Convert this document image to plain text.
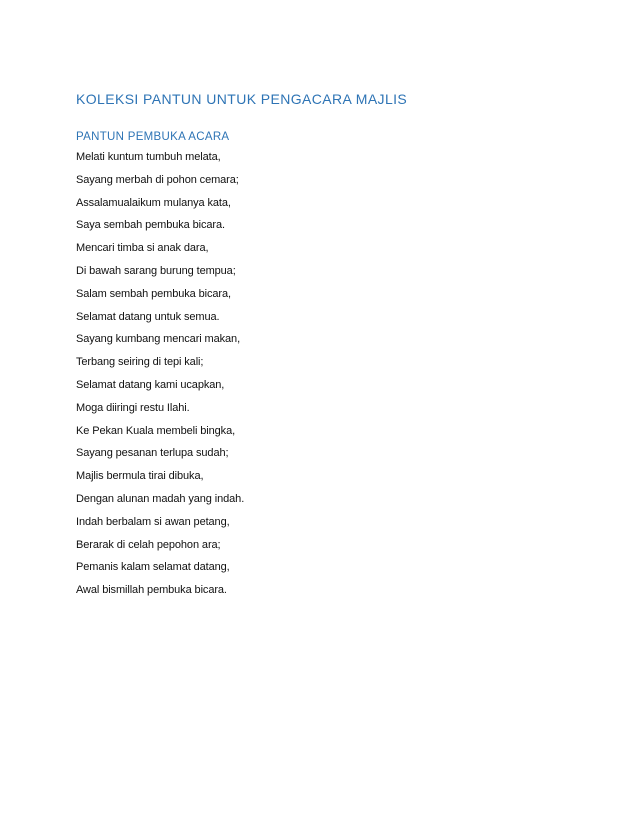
KOLEKSI PANTUN UNTUK PENGACARA MAJLIS
PANTUN PEMBUKA ACARA
Melati kuntum tumbuh melata,
Sayang merbah di pohon cemara;
Assalamualaikum mulanya kata,
Saya sembah pembuka bicara.
Mencari timba si anak dara,
Di bawah sarang burung tempua;
Salam sembah pembuka bicara,
Selamat datang untuk semua.
Sayang kumbang mencari makan,
Terbang seiring di tepi kali;
Selamat datang kami ucapkan,
Moga diiringi restu Ilahi.
Ke Pekan Kuala membeli bingka,
Sayang pesanan terlupa sudah;
Majlis bermula tirai dibuka,
Dengan alunan madah yang indah.
Indah berbalam si awan petang,
Berarak di celah pepohon ara;
Pemanis kalam selamat datang,
Awal bismillah pembuka bicara.
